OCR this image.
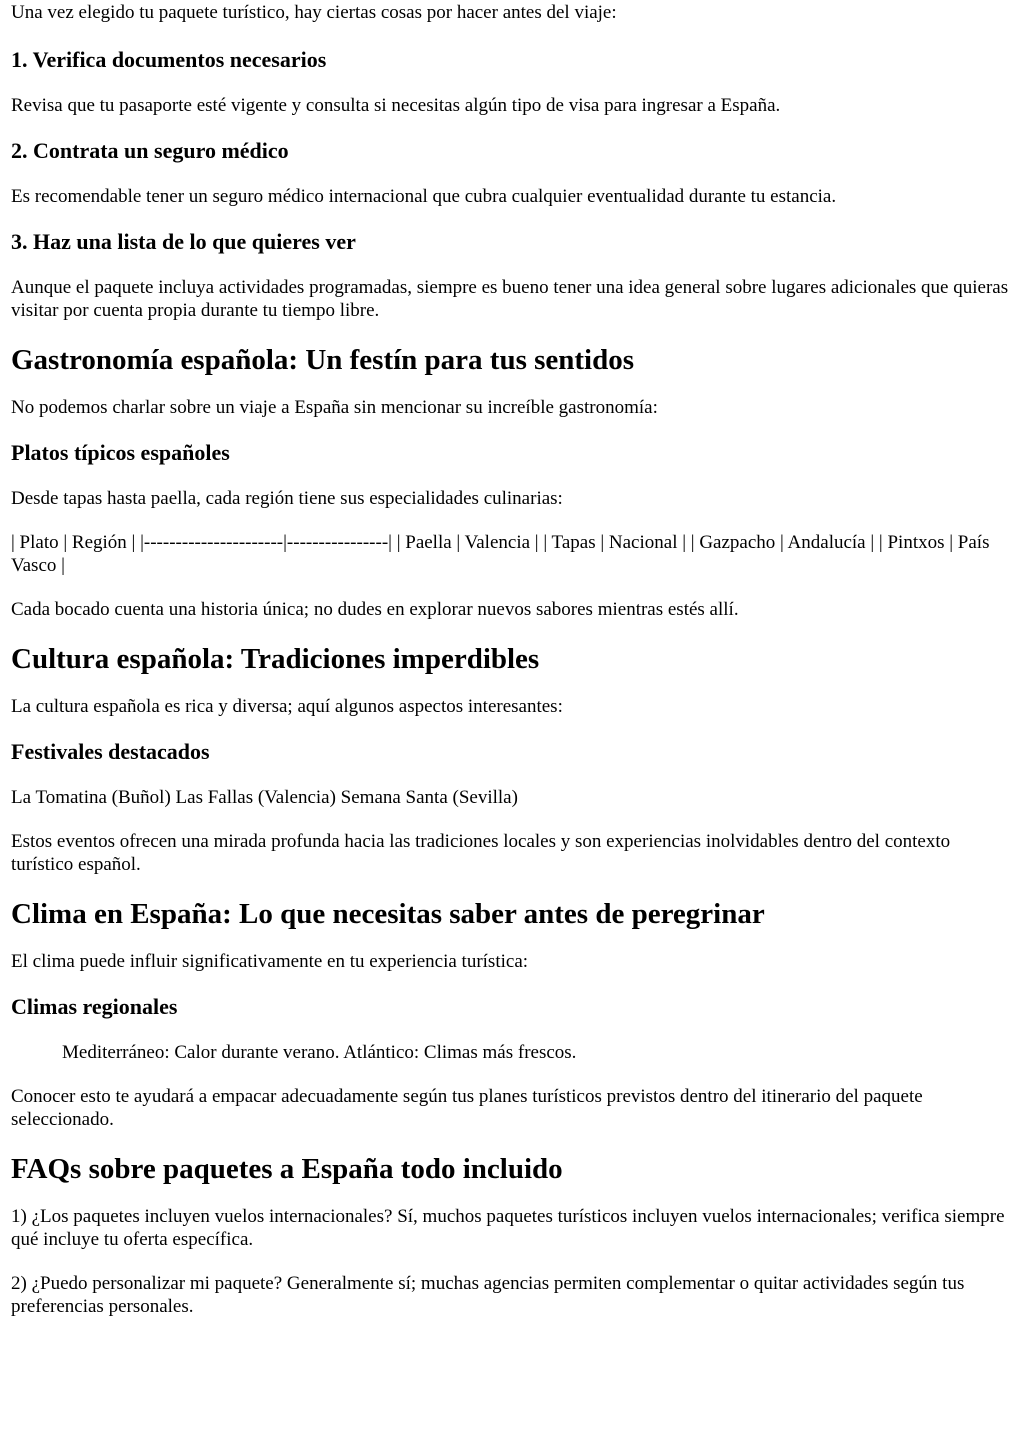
Una vez elegido tu paquete turístico, hay ciertas cosas por hacer antes del viaje:

1. Verifica documentos necesarios

Revisa que tu pasaporte esté vigente y consulta si necesitas algún tipo de visa para ingresar a España.

2. Contrata un seguro médico

Es recomendable tener un seguro médico internacional que cubra cualquier eventualidad durante tu estancia.

3. Haz una lista de lo que quieres ver

Aunque el paquete incluya actividades programadas, siempre es bueno tener una idea general sobre lugares adicionales que quieras visitar por cuenta propia durante tu tiempo libre.

Gastronomía española: Un festín para tus sentidos

No podemos charlar sobre un viaje a España sin mencionar su increíble gastronomía:

Platos típicos españoles

Desde tapas hasta paella, cada región tiene sus especialidades culinarias:

| Plato | Región | |----------------------|----------------| | Paella | Valencia | | Tapas | Nacional | | Gazpacho | Andalucía | | Pintxos | País Vasco |

Cada bocado cuenta una historia única; no dudes en explorar nuevos sabores mientras estés allí.

Cultura española: Tradiciones imperdibles

La cultura española es rica y diversa; aquí algunos aspectos interesantes:

Festivales destacados

La Tomatina (Buñol) Las Fallas (Valencia) Semana Santa (Sevilla)

Estos eventos ofrecen una mirada profunda hacia las tradiciones locales y son experiencias inolvidables dentro del contexto turístico español.

Clima en España: Lo que necesitas saber antes de peregrinar

El clima puede influir significativamente en tu experiencia turística:

Climas regionales

Mediterráneo: Calor durante verano. Atlántico: Climas más frescos.

Conocer esto te ayudará a empacar adecuadamente según tus planes turísticos previstos dentro del itinerario del paquete seleccionado.

FAQs sobre paquetes a España todo incluido

1) ¿Los paquetes incluyen vuelos internacionales? Sí, muchos paquetes turísticos incluyen vuelos internacionales; verifica siempre qué incluye tu oferta específica.

2) ¿Puedo personalizar mi paquete? Generalmente sí; muchas agencias permiten complementar o quitar actividades según tus preferencias personales.
